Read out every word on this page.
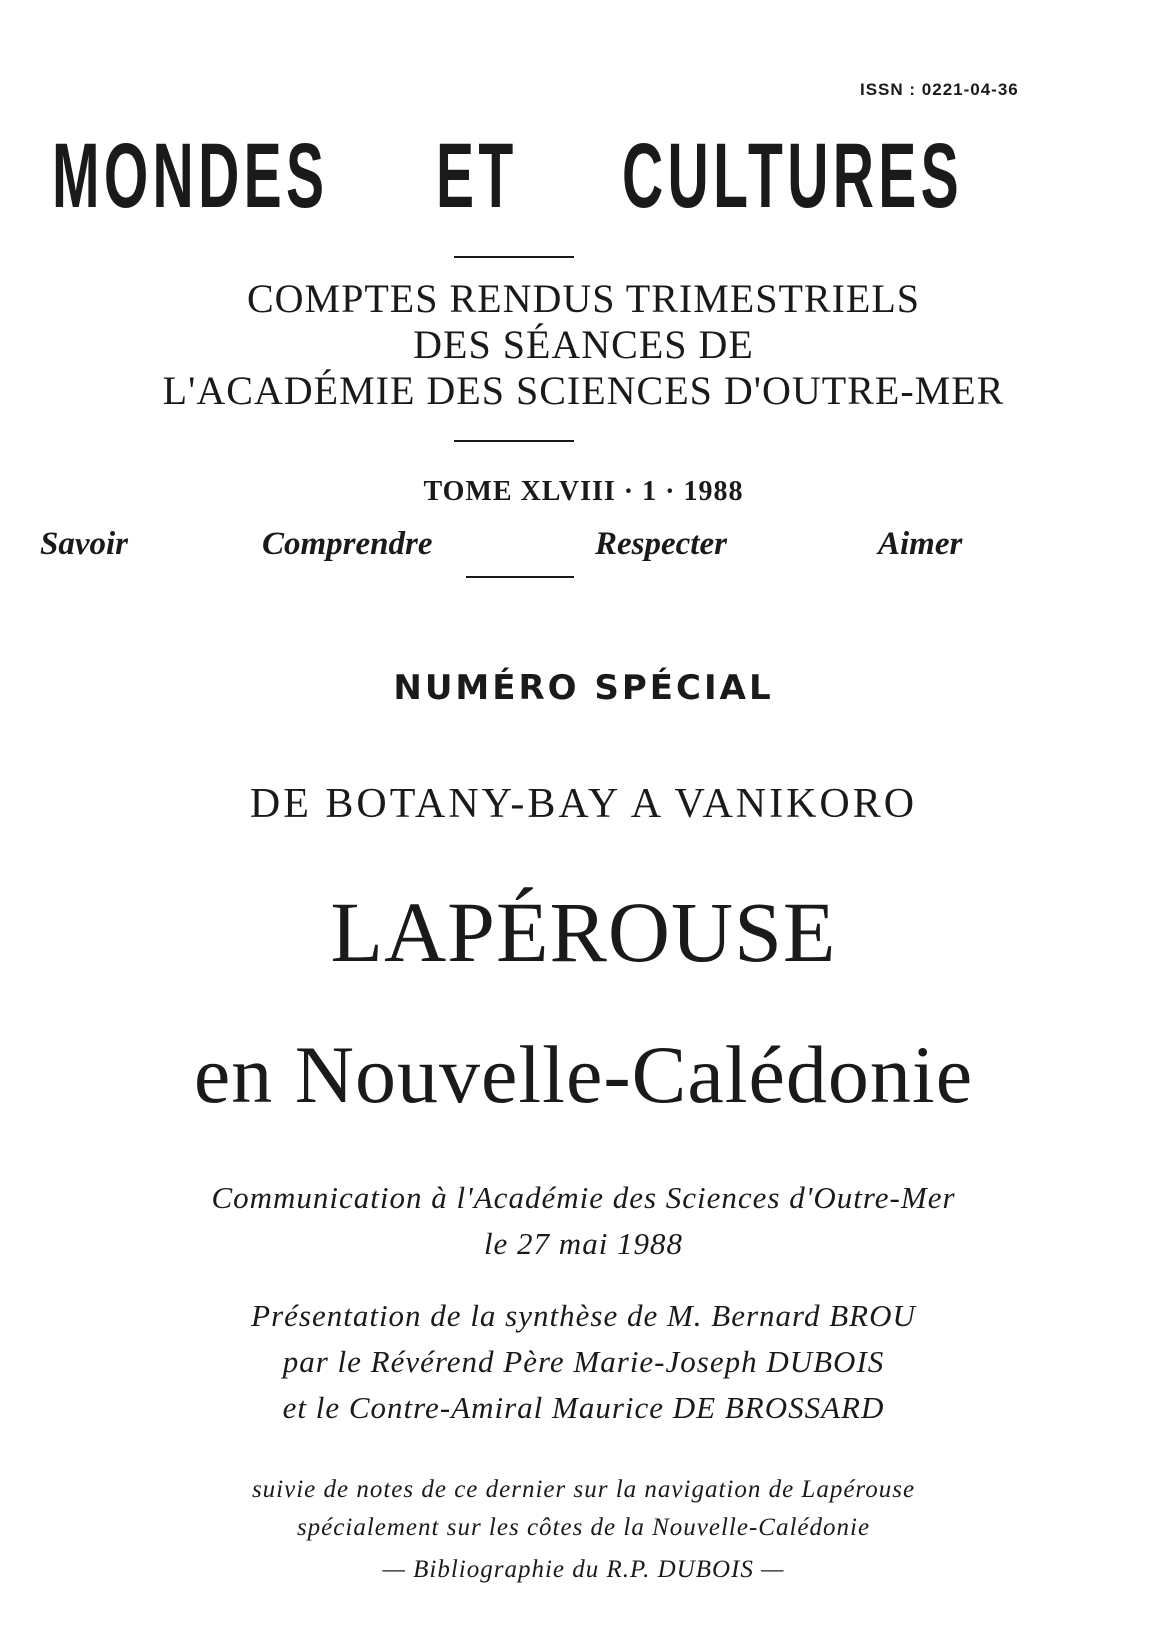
ISSN : 0221-04-36
MONDES ET CULTURES
COMPTES RENDUS TRIMESTRIELS
DES SÉANCES DE
L'ACADÉMIE DES SCIENCES D'OUTRE-MER
TOME XLVIII · 1 · 1988
Savoir	Comprendre	Respecter	Aimer
NUMÉRO SPÉCIAL
DE BOTANY-BAY A VANIKORO
LAPÉROUSE
en Nouvelle-Calédonie
Communication à l'Académie des Sciences d'Outre-Mer
le 27 mai 1988
Présentation de la synthèse de M. Bernard BROU
par le Révérend Père Marie-Joseph DUBOIS
et le Contre-Amiral Maurice DE BROSSARD
suivie de notes de ce dernier sur la navigation de Lapérouse
spécialement sur les côtes de la Nouvelle-Calédonie
— Bibliographie du R.P. DUBOIS —
